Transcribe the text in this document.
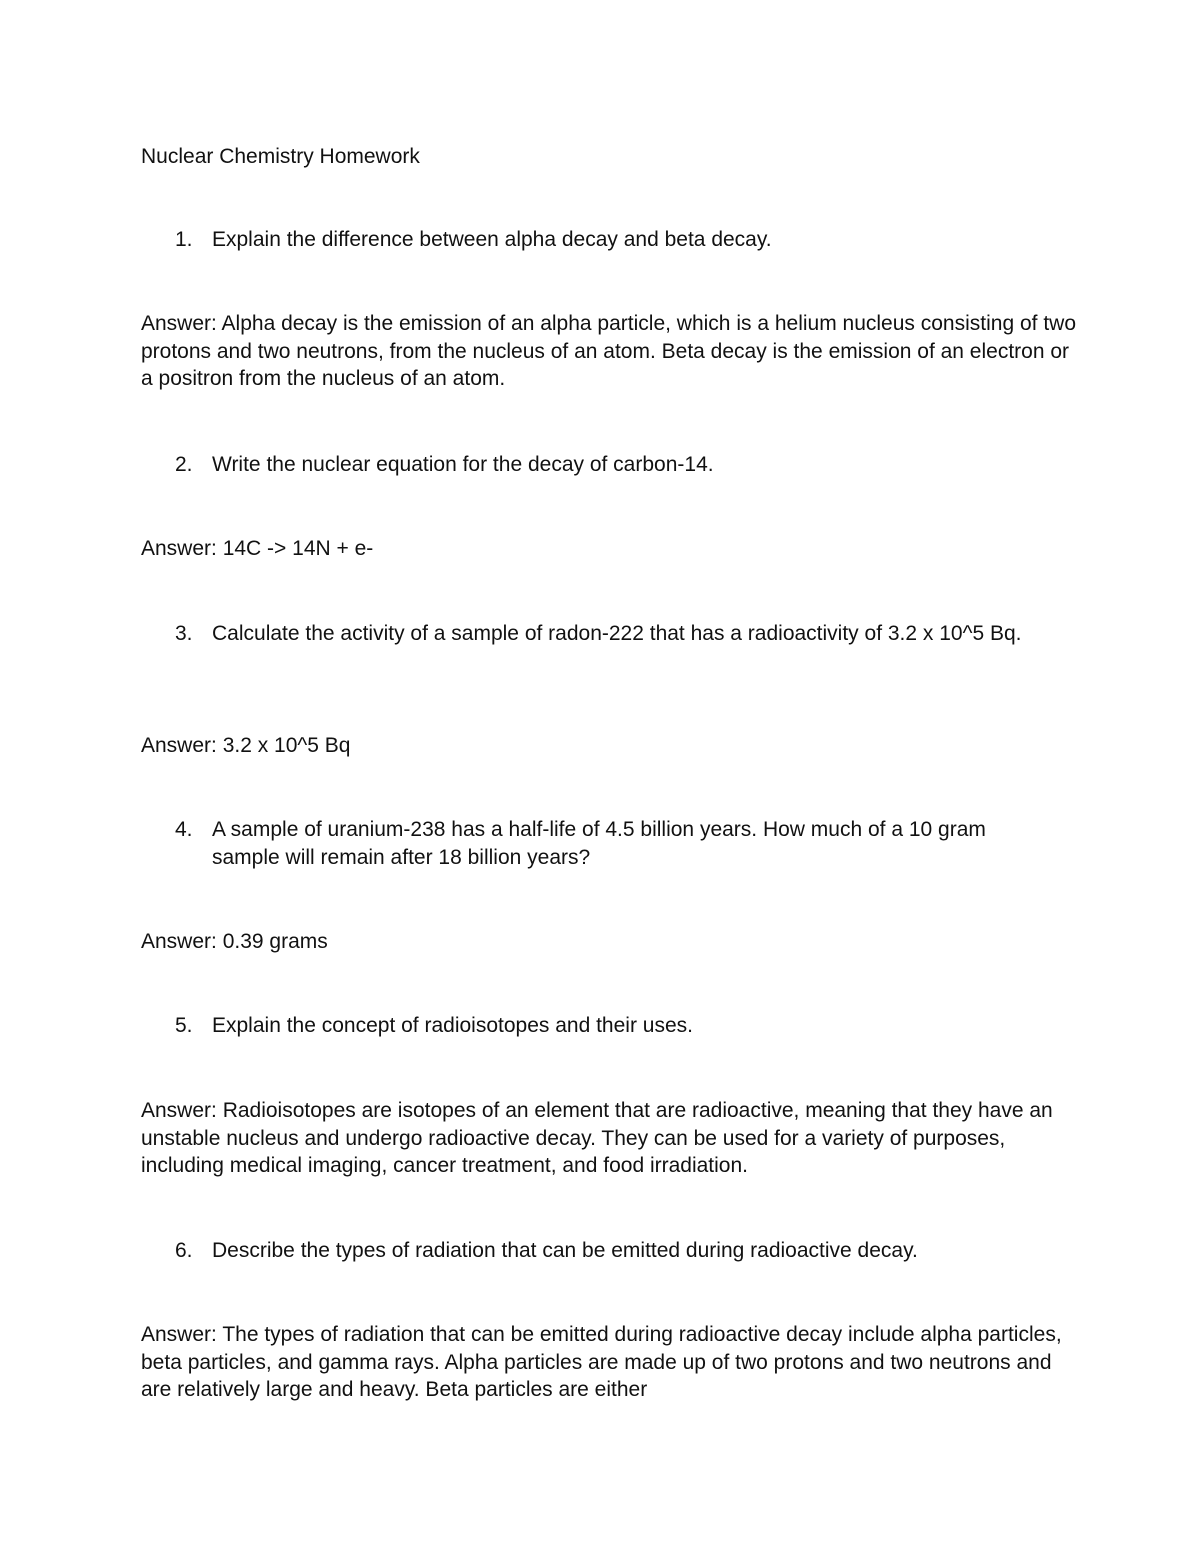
Nuclear Chemistry Homework
1. Explain the difference between alpha decay and beta decay.
Answer: Alpha decay is the emission of an alpha particle, which is a helium nucleus consisting of two protons and two neutrons, from the nucleus of an atom. Beta decay is the emission of an electron or a positron from the nucleus of an atom.
2. Write the nuclear equation for the decay of carbon-14.
Answer: 14C -> 14N + e-
3. Calculate the activity of a sample of radon-222 that has a radioactivity of 3.2 x 10^5 Bq.
Answer: 3.2 x 10^5 Bq
4. A sample of uranium-238 has a half-life of 4.5 billion years. How much of a 10 gram sample will remain after 18 billion years?
Answer: 0.39 grams
5. Explain the concept of radioisotopes and their uses.
Answer: Radioisotopes are isotopes of an element that are radioactive, meaning that they have an unstable nucleus and undergo radioactive decay. They can be used for a variety of purposes, including medical imaging, cancer treatment, and food irradiation.
6. Describe the types of radiation that can be emitted during radioactive decay.
Answer: The types of radiation that can be emitted during radioactive decay include alpha particles, beta particles, and gamma rays. Alpha particles are made up of two protons and two neutrons and are relatively large and heavy. Beta particles are either
